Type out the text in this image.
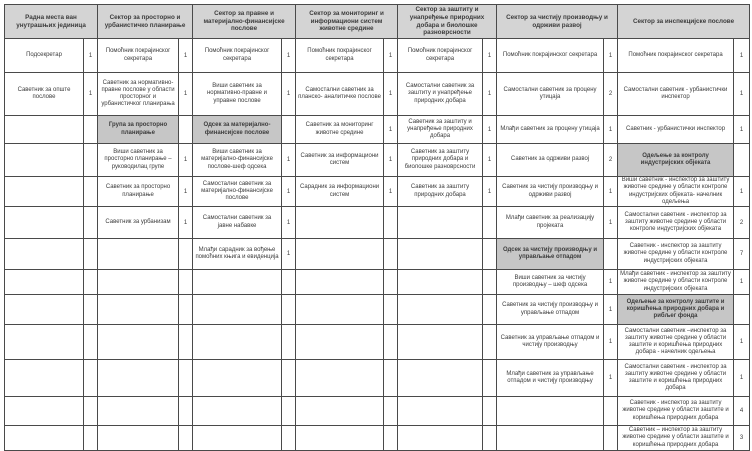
Радна места ван унутрашњих јединица		Сектор за просторно и урбанистичко планирање		Сектор за правне и материјално-финансијске послове		Сектор за мониторинг и информациони систем животне средине		Сектор за заштиту и унапређење природних добара и биолошке разноврсности		Сектор за чистију производњу и одрживи развој		Сектор за инспекцијске послове	
Подсекретар	1	Помоћник покрајинског секретара	1	Помоћник покрајинског секретара	1	Помоћник покрајинског секретара	1	Помоћник покрајинског секретара	1	Помоћник покрајинског секретара	1	Помоћник покрајинског секретара	1
Саветник за опште послове	1	Саветник за нормативно- правне послове у области просторног и урбанистичког планирања	1	Виши саветник за нормативно-правне и управне послове	1	Самостални саветник за планско- аналитичке послове	1	Самостални саветник за заштиту и унапређење природних добара	1	Самостални саветник за процену утицаја	2	Самостални саветник - урбанистички инспектор	1
		Група за просторно планирање		Одсек за материјално-финансијске послове		Саветник за мониторинг животне средине	1	Саветник за заштиту и унапређење природних добара	1	Млађи саветник за процену утицаја	1	Саветник - урбанистички инспектор	1
		Виши саветник за просторно планирање – руководилац групе	1	Виши саветник за материјално-финансијске послове-шеф одсека	1	Саветник за информациони систем	1	Саветник за заштиту природних добара и биолошке разноврсности	1	Саветник за одрживи развој	2	Одељење за контролу индустријских објеката	
		Саветник за просторно планирање	1	Самостални саветник за материјално-финансијске послове	1	Сарадник за информациони систем	1	Саветник за заштиту природних добара	1	Саветник за чистију производњу и одрживи развој	1	Виши саветник - инспектор за заштиту животне средине у области контроле индустријских објеката- начелник одељења	1
		Саветник за урбанизам	1	Самостални саветник за јавне набавке	1					Млађи саветник за реализацију пројеката	1	Самостални саветник - инспектор за заштиту животне средине у области контроле индустријских објеката	2
				Млађи сарадник за вођење помоћних књига и евиденција	1					Одсек за чистију производњу и управљање отпадом		Саветник - инспектор за заштиту животне средине у области контроле индустријских објеката	7
										Виши саветник за чистију производњу – шеф одсека	1	Млађи саветник - инспектор за заштиту животне средине у области контроле индустријских објеката	1
										Саветник за чистију производњу и управљање отпадом	1	Одељење за контролу заштите и коришћења природних добара и рибљег фонда	
										Саветник за управљање отпадом и чистију производњу	1	Самостални саветник –инспектор за заштиту животне средине у области заштите и коришћења природних добара - начелник одељења	1
										Млађи саветник за управљање отпадом и чистију производњу	1	Самостални саветник - инспектор за заштиту животне средине у области заштите и коришћења природних добара	1
												Саветник - инспектор за заштиту животне средине у области заштите и коришћења природних добара	4
												Саветник – инспектор за заштиту животне средине у области заштите и коришћења природних добара	3
